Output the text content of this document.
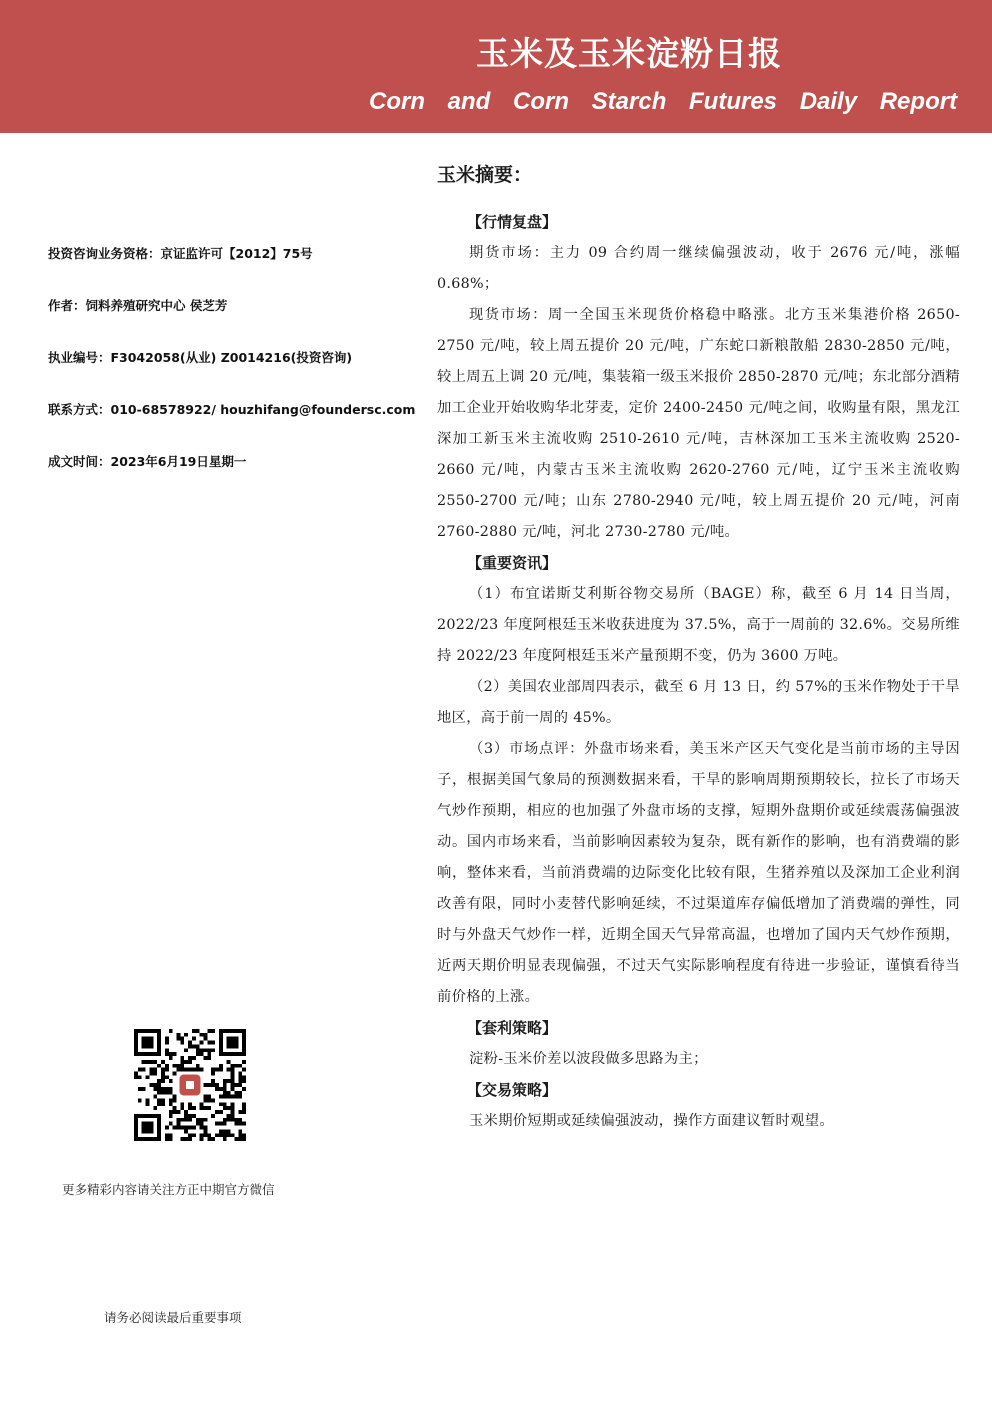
玉米及玉米淀粉日报
Corn and Corn Starch Futures Daily Report
投资咨询业务资格：京证监许可【2012】75号
作者：饲料养殖研究中心 侯芝芳
执业编号：F3042058(从业) Z0014216(投资咨询)
联系方式：010-68578922/ houzhifang@foundersc.com
成文时间：2023年6月19日星期一
更多精彩内容请关注方正中期官方微信
请务必阅读最后重要事项
玉米摘要：
【行情复盘】

期货市场：主力 09 合约周一继续偏强波动，收于 2676 元/吨，涨幅 0.68%；

现货市场：周一全国玉米现货价格稳中略涨。北方玉米集港价格 2650-2750 元/吨，较上周五提价 20 元/吨，广东蛇口新粮散船 2830-2850 元/吨，较上周五上调 20 元/吨，集装箱一级玉米报价 2850-2870 元/吨；东北部分酒精加工企业开始收购华北芽麦，定价 2400-2450 元/吨之间，收购量有限，黑龙江深加工新玉米主流收购 2510-2610 元/吨，吉林深加工玉米主流收购 2520-2660 元/吨，内蒙古玉米主流收购 2620-2760 元/吨，辽宁玉米主流收购 2550-2700 元/吨；山东 2780-2940 元/吨，较上周五提价 20 元/吨，河南 2760-2880 元/吨，河北 2730-2780 元/吨。

【重要资讯】

（1）布宜诺斯艾利斯谷物交易所（BAGE）称，截至 6 月 14 日当周，2022/23 年度阿根廷玉米收获进度为 37.5%，高于一周前的 32.6%。交易所维持 2022/23 年度阿根廷玉米产量预期不变，仍为 3600 万吨。

（2）美国农业部周四表示，截至 6 月 13 日，约 57%的玉米作物处于干旱地区，高于前一周的 45%。

（3）市场点评：外盘市场来看，美玉米产区天气变化是当前市场的主导因子，根据美国气象局的预测数据来看，干旱的影响周期预期较长，拉长了市场天气炒作预期，相应的也加强了外盘市场的支撑，短期外盘期价或延续震荡偏强波动。国内市场来看，当前影响因素较为复杂，既有新作的影响，也有消费端的影响，整体来看，当前消费端的边际变化比较有限，生猪养殖以及深加工企业利润改善有限，同时小麦替代影响延续，不过渠道库存偏低增加了消费端的弹性，同时与外盘天气炒作一样，近期全国天气异常高温，也增加了国内天气炒作预期，近两天期价明显表现偏强，不过天气实际影响程度有待进一步验证，谨慎看待当前价格的上涨。

【套利策略】

淀粉-玉米价差以波段做多思路为主；

【交易策略】

玉米期价短期或延续偏强波动，操作方面建议暂时观望。
